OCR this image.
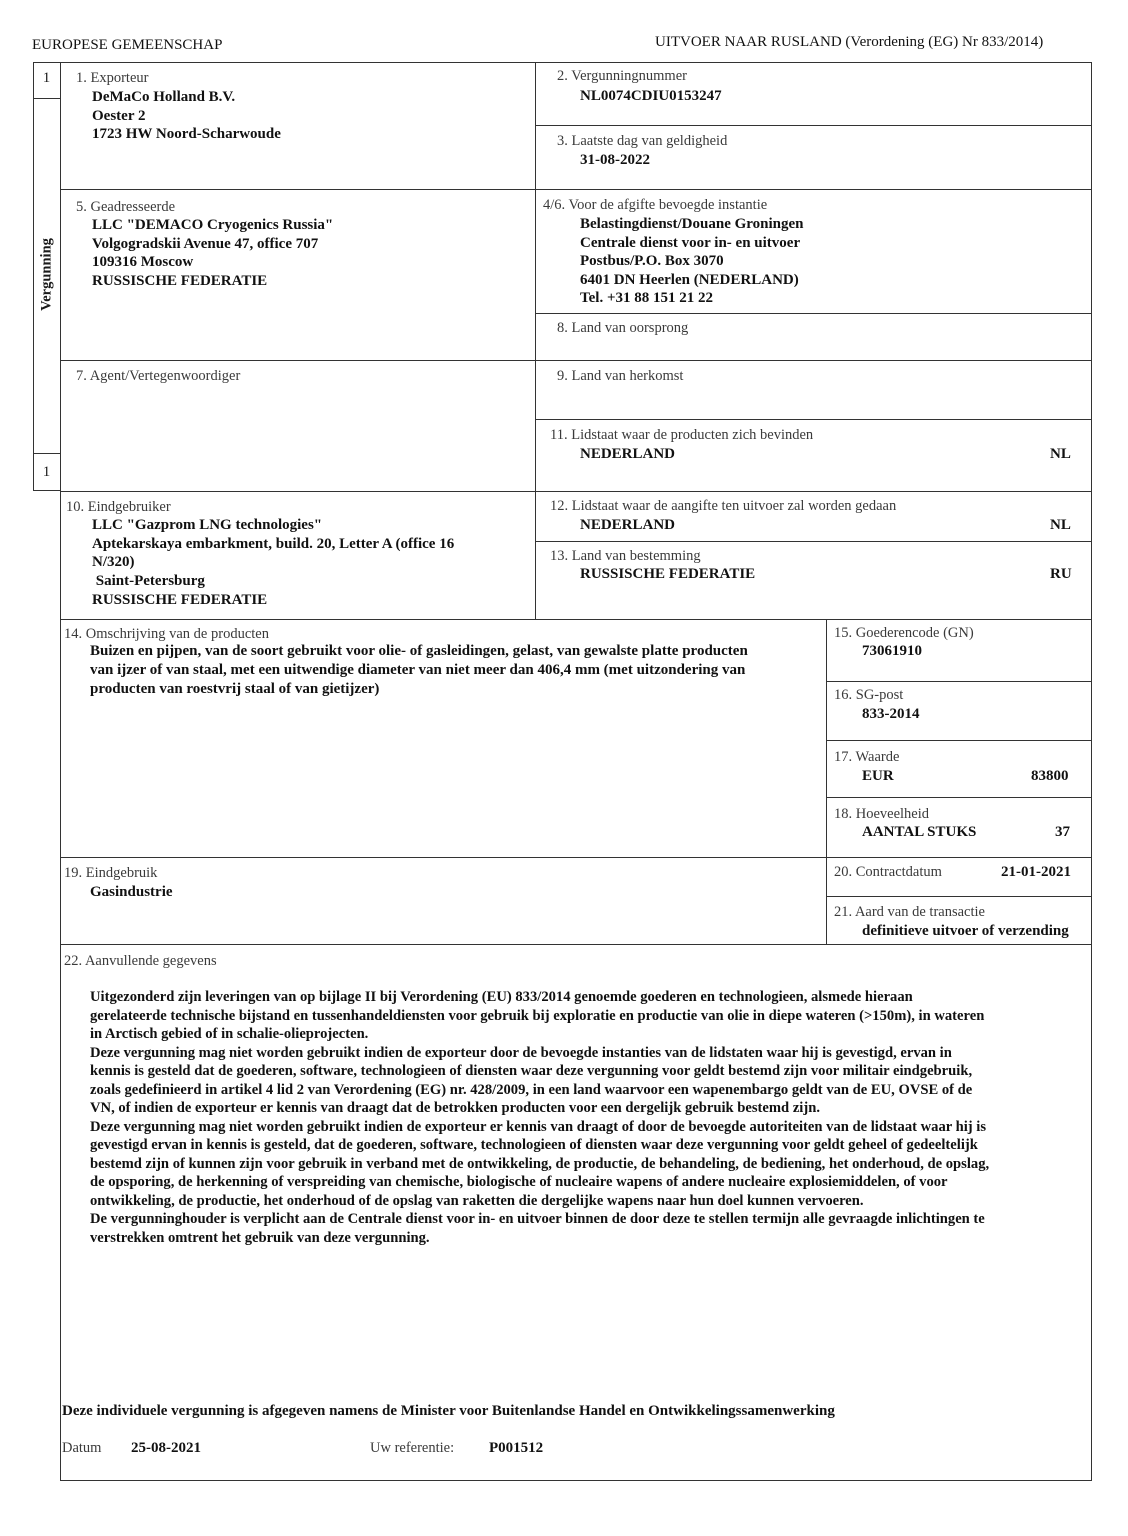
EUROPESE GEMEENSCHAP	UITVOER NAAR RUSLAND (Verordening (EG) Nr 833/2014)
1
1
Vergunning
1. Exporteur
DeMaCo Holland B.V.
Oester 2
1723 HW Noord-Scharwoude
2. Vergunningnummer
NL0074CDIU0153247
3. Laatste dag van geldigheid
31-08-2022
5. Geadresseerde
LLC "DEMACO Cryogenics Russia"
Volgogradskii Avenue 47, office 707
109316 Moscow
RUSSISCHE FEDERATIE
4/6. Voor de afgifte bevoegde instantie
Belastingdienst/Douane Groningen
Centrale dienst voor in- en uitvoer
Postbus/P.O. Box 3070
6401 DN Heerlen (NEDERLAND)
Tel. +31 88 151 21 22
8. Land van oorsprong
7. Agent/Vertegenwoordiger	9. Land van herkomst
11. Lidstaat waar de producten zich bevinden
NEDERLAND	NL
10. Eindgebruiker
LLC "Gazprom LNG technologies"
Aptekarskaya embarkment, build. 20, Letter A (office 16
N/320)
Saint-Petersburg
RUSSISCHE FEDERATIE
12. Lidstaat waar de aangifte ten uitvoer zal worden gedaan
NEDERLAND	NL
13. Land van bestemming
RUSSISCHE FEDERATIE	RU
14. Omschrijving van de producten
Buizen en pijpen, van de soort gebruikt voor olie- of gasleidingen, gelast, van gewalste platte producten
van ijzer of van staal, met een uitwendige diameter van niet meer dan 406,4 mm (met uitzondering van
producten van roestvrij staal of van gietijzer)
15. Goederencode (GN)
73061910
16. SG-post
833-2014
17. Waarde
EUR	83800
18. Hoeveelheid
AANTAL STUKS	37
19. Eindgebruik
Gasindustrie
20. Contractdatum	21-01-2021
21. Aard van de transactie
definitieve uitvoer of verzending
22. Aanvullende gegevens
Uitgezonderd zijn leveringen van op bijlage II bij Verordening (EU) 833/2014 genoemde goederen en technologieen, alsmede hieraan
gerelateerde technische bijstand en tussenhandeldiensten voor gebruik bij exploratie en productie van olie in diepe wateren (>150m), in wateren
in Arctisch gebied of in schalie-olieprojecten.
Deze vergunning mag niet worden gebruikt indien de exporteur door de bevoegde instanties van de lidstaten waar hij is gevestigd, ervan in
kennis is gesteld dat de goederen, software, technologieen of diensten waar deze vergunning voor geldt bestemd zijn voor militair eindgebruik,
zoals gedefinieerd in artikel 4 lid 2 van Verordening (EG) nr. 428/2009, in een land waarvoor een wapenembargo geldt van de EU, OVSE of de
VN, of indien de exporteur er kennis van draagt dat de betrokken producten voor een dergelijk gebruik bestemd zijn.
Deze vergunning mag niet worden gebruikt indien de exporteur er kennis van draagt of door de bevoegde autoriteiten van de lidstaat waar hij is
gevestigd ervan in kennis is gesteld, dat de goederen, software, technologieen of diensten waar deze vergunning voor geldt geheel of gedeeltelijk
bestemd zijn of kunnen zijn voor gebruik in verband met de ontwikkeling, de productie, de behandeling, de bediening, het onderhoud, de opslag,
de opsporing, de herkenning of verspreiding van chemische, biologische of nucleaire wapens of andere nucleaire explosiemiddelen, of voor
ontwikkeling, de productie, het onderhoud of de opslag van raketten die dergelijke wapens naar hun doel kunnen vervoeren.
De vergunninghouder is verplicht aan de Centrale dienst voor in- en uitvoer binnen de door deze te stellen termijn alle gevraagde inlichtingen te
verstrekken omtrent het gebruik van deze vergunning.
Deze individuele vergunning is afgegeven namens de Minister voor Buitenlandse Handel en Ontwikkelingssamenwerking
Datum 25-08-2021	Uw referentie: P001512
